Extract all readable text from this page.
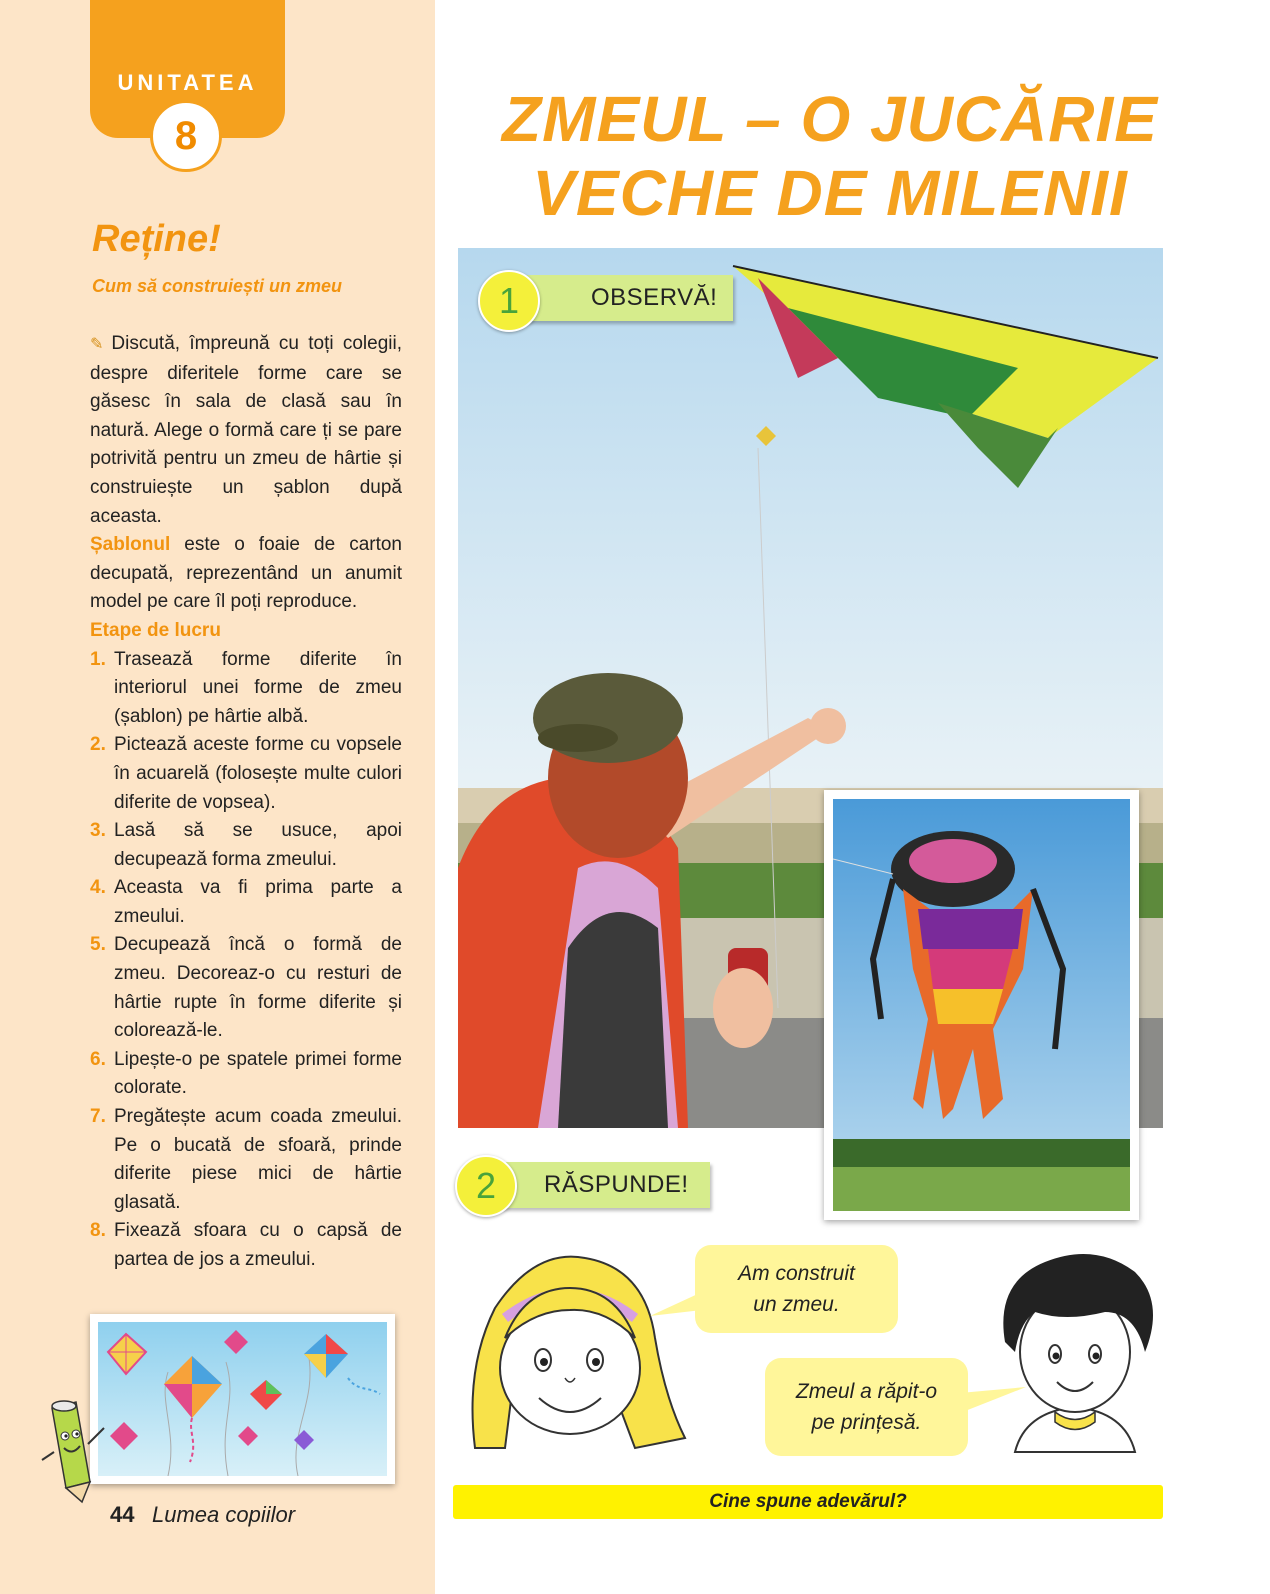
UNITATEA
8
Reține!
Cum să construiești un zmeu

✎ Discută, împreună cu toți colegii, despre diferitele forme care se găsesc în sala de clasă sau în natură. Alege o formă care ți se pare potrivită pentru un zmeu de hârtie și construiește un șablon după aceasta.

Șablonul este o foaie de carton decupată, reprezentând un anumit model pe care îl poți reproduce.

Etape de lucru

1. Trasează forme diferite în interiorul unei forme de zmeu (șablon) pe hârtie albă.
2. Pictează aceste forme cu vopsele în acuarelă (folosește multe culori diferite de vopsea).
3. Lasă să se usuce, apoi decupează forma zmeului.
4. Aceasta va fi prima parte a zmeului.
5. Decupează încă o formă de zmeu. Decoreaz-o cu resturi de hârtie rupte în forme diferite și colorează-le.
6. Lipește-o pe spatele primei forme colorate.
7. Pregătește acum coada zmeului. Pe o bucată de sfoară, prinde diferite piese mici de hârtie glasată.
8. Fixează sfoara cu o capsă de partea de jos a zmeului.
44 Lumea copiilor
ZMEUL – O JUCĂRIE
VECHE DE MILENII
OBSERVĂ!
1
RĂSPUNDE!
2
Am construit
un zmeu.
Zmeul a răpit-o
pe prințesă.
Cine spune adevărul?
